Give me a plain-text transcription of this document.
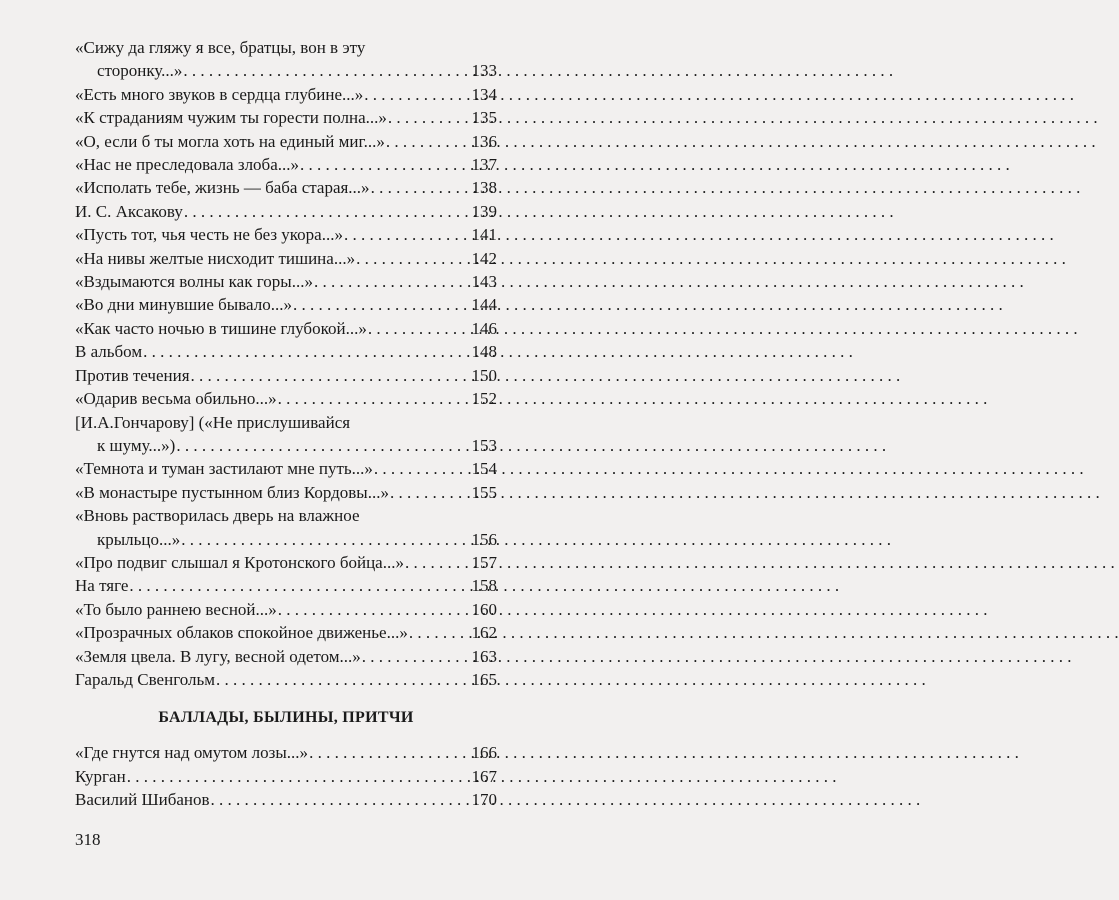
«Сижу да гляжу я все, братцы, вон в эту
сторонку...» . . .	133
«Есть много звуков в сердца глубине...» . . .	134
«К страданиям чужим ты горести полна...» . . .	135
«О, если б ты могла хоть на единый миг...» . . .	136
«Нас не преследовала злоба...» . . .	137
«Исполать тебе, жизнь — баба старая...» . . .	138
И. С. Аксакову . . .	139
«Пусть тот, чья честь не без укора...» . . .	141
«На нивы желтые нисходит тишина...» . . .	142
«Вздымаются волны как горы...» . . .	143
«Во дни минувшие бывало...» . . .	144
«Как часто ночью в тишине глубокой...» . . .	146
В альбом . . .	148
Против течения . . .	150
«Одарив весьма обильно...» . . .	152
[И.А.Гончарову] («Не прислушивайся
к шуму...») . . .	153
«Темнота и туман застилают мне путь...» . . .	154
«В монастыре пустынном близ Кордовы...» . . .	155
«Вновь растворилась дверь на влажное
крыльцо...» . . .	156
«Про подвиг слышал я Кротонского бойца...» . . .	157
На тяге . . .	158
«То было раннею весной...» . . .	160
«Прозрачных облаков спокойное движенье...» . . .	162
«Земля цвела. В лугу, весной одетом...» . . .	163
Гаральд Свенгольм . . .	165
БАЛЛАДЫ, БЫЛИНЫ, ПРИТЧИ
«Где гнутся над омутом лозы...» . . .	166
Курган . . .	167
Василий Шибанов . . .	170
318
